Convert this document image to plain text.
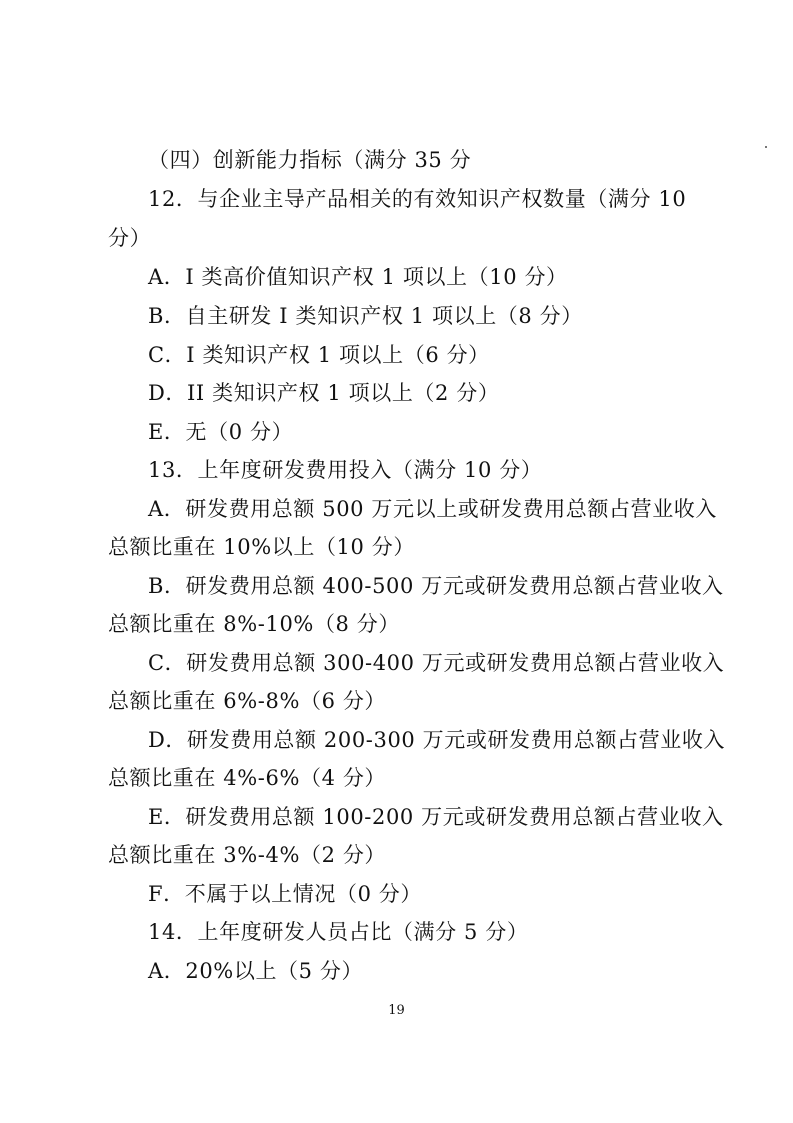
（四）创新能力指标（满分 35 分
12．与企业主导产品相关的有效知识产权数量（满分 10
分）
A．I 类高价值知识产权 1 项以上（10 分）
B．自主研发 I 类知识产权 1 项以上（8 分）
C．I 类知识产权 1 项以上（6 分）
D．II 类知识产权 1 项以上（2 分）
E．无（0 分）
13．上年度研发费用投入（满分 10 分）
A．研发费用总额 500 万元以上或研发费用总额占营业收入
总额比重在 10%以上（10 分）
B．研发费用总额 400-500 万元或研发费用总额占营业收入
总额比重在 8%-10%（8 分）
C．研发费用总额 300-400 万元或研发费用总额占营业收入
总额比重在 6%-8%（6 分）
D．研发费用总额 200-300 万元或研发费用总额占营业收入
总额比重在 4%-6%（4 分）
E．研发费用总额 100-200 万元或研发费用总额占营业收入
总额比重在 3%-4%（2 分）
F．不属于以上情况（0 分）
14．上年度研发人员占比（满分 5 分）
A．20%以上（5 分）
19
